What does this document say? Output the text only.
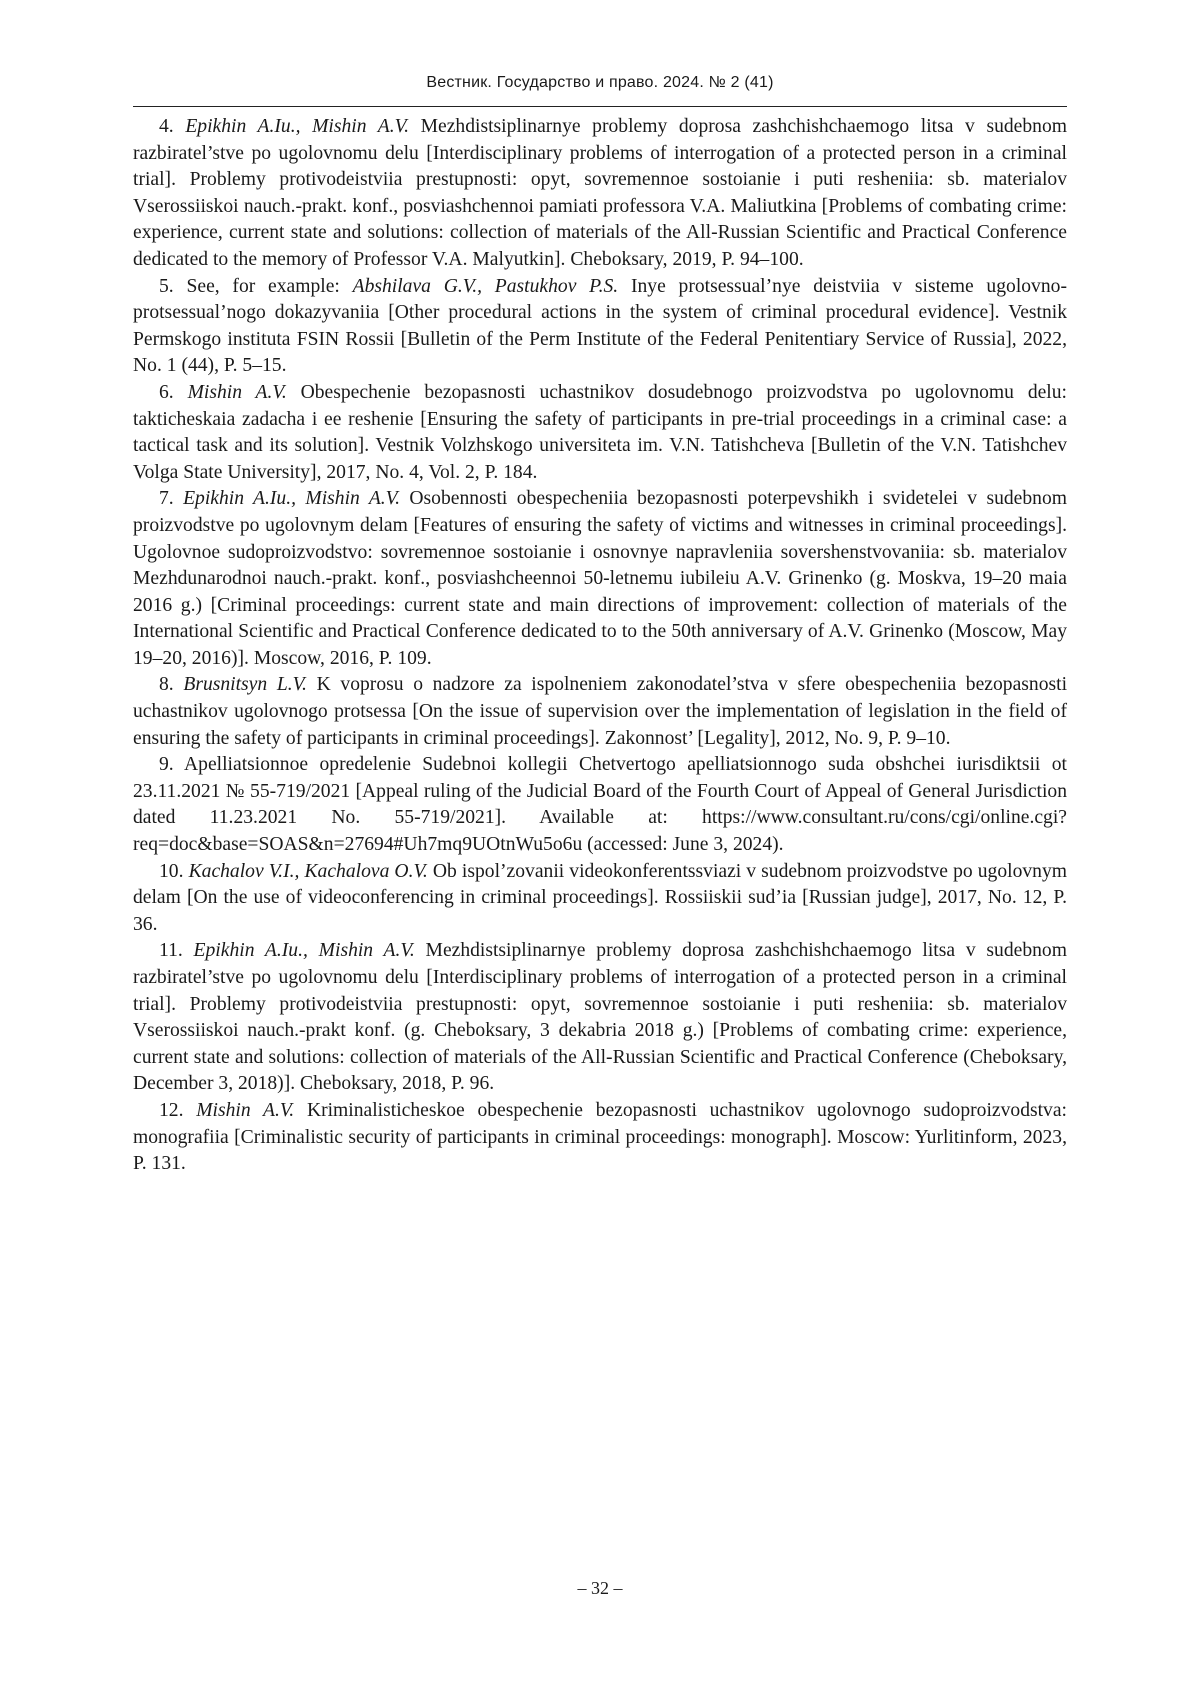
Вестник. Государство и право. 2024. № 2 (41)

4. Epikhin A.Iu., Mishin A.V. Mezhdistsiplinarnye problemy doprosa zashchishchaemogo litsa v sudebnom razbiratel’stve po ugolovnomu delu [Interdisciplinary problems of interrogation of a protected person in a criminal trial]. Problemy protivodeistviia prestupnosti: opyt, sovremennoe sostoianie i puti resheniia: sb. materialov Vserossiiskoi nauch.-prakt. konf., posviashchennoi pamiati professora V.A. Maliutkina [Problems of combating crime: experience, current state and solutions: collection of materials of the All-Russian Scientific and Practical Conference dedicated to the memory of Professor V.A. Malyutkin]. Cheboksary, 2019, P. 94–100.

5. See, for example: Abshilava G.V., Pastukhov P.S. Inye protsessual’nye deistviia v sisteme ugolovno-protsessual’nogo dokazyvaniia [Other procedural actions in the system of criminal procedural evidence]. Vestnik Permskogo instituta FSIN Rossii [Bulletin of the Perm Institute of the Federal Penitentiary Service of Russia], 2022, No. 1 (44), P. 5–15.

6. Mishin A.V. Obespechenie bezopasnosti uchastnikov dosudebnogo proizvodstva po ugolovnomu delu: takticheskaia zadacha i ee reshenie [Ensuring the safety of participants in pre-trial proceedings in a criminal case: a tactical task and its solution]. Vestnik Volzhskogo universiteta im. V.N. Tatishcheva [Bulletin of the V.N. Tatishchev Volga State University], 2017, No. 4, Vol. 2, P. 184.

7. Epikhin A.Iu., Mishin A.V. Osobennosti obespecheniia bezopasnosti poterpevshikh i svidetelei v sudebnom proizvodstve po ugolovnym delam [Features of ensuring the safety of victims and witnesses in criminal proceedings]. Ugolovnoe sudoproizvodstvo: sovremennoe sostoianie i osnovnye napravleniia sovershenstvovaniia: sb. materialov Mezhdunarodnoi nauch.-prakt. konf., posviashcheennoi 50-letnemu iubileiu A.V. Grinenko (g. Moskva, 19–20 maia 2016 g.) [Criminal proceedings: current state and main directions of improvement: collection of materials of the International Scientific and Practical Conference dedicated to to the 50th anniversary of A.V. Grinenko (Moscow, May 19–20, 2016)]. Moscow, 2016, P. 109.

8. Brusnitsyn L.V. K voprosu o nadzore za ispolneniem zakonodatel’stva v sfere obespecheniia bezopasnosti uchastnikov ugolovnogo protsessa [On the issue of supervision over the implementation of legislation in the field of ensuring the safety of participants in criminal proceedings]. Zakonnost’ [Legality], 2012, No. 9, P. 9–10.

9. Apelliatsionnoe opredelenie Sudebnoi kollegii Chetvertogo apelliatsionnogo suda obshchei iurisdiktsii ot 23.11.2021 № 55-719/2021 [Appeal ruling of the Judicial Board of the Fourth Court of Appeal of General Jurisdiction dated 11.23.2021 No. 55-719/2021]. Available at: https://www.consultant.ru/cons/cgi/online.cgi?req=doc&base=SOAS&n=27694#Uh7mq9UOtnWu5o6u (accessed: June 3, 2024).

10. Kachalov V.I., Kachalova O.V. Ob ispol’zovanii videokonferentssviazi v sudebnom proizvodstve po ugolovnym delam [On the use of videoconferencing in criminal proceedings]. Rossiiskii sud’ia [Russian judge], 2017, No. 12, P. 36.

11. Epikhin A.Iu., Mishin A.V. Mezhdistsiplinarnye problemy doprosa zashchishchaemogo litsa v sudebnom razbiratel’stve po ugolovnomu delu [Interdisciplinary problems of interrogation of a protected person in a criminal trial]. Problemy protivodeistviia prestupnosti: opyt, sovremennoe sostoianie i puti resheniia: sb. materialov Vserossiiskoi nauch.-prakt konf. (g. Cheboksary, 3 dekabria 2018 g.) [Problems of combating crime: experience, current state and solutions: collection of materials of the All-Russian Scientific and Practical Conference (Cheboksary, December 3, 2018)]. Cheboksary, 2018, P. 96.

12. Mishin A.V. Kriminalisticheskoe obespechenie bezopasnosti uchastnikov ugolovnogo sudoproizvodstva: monografiia [Criminalistic security of participants in criminal proceedings: monograph]. Moscow: Yurlitinform, 2023, P. 131.

– 32 –
